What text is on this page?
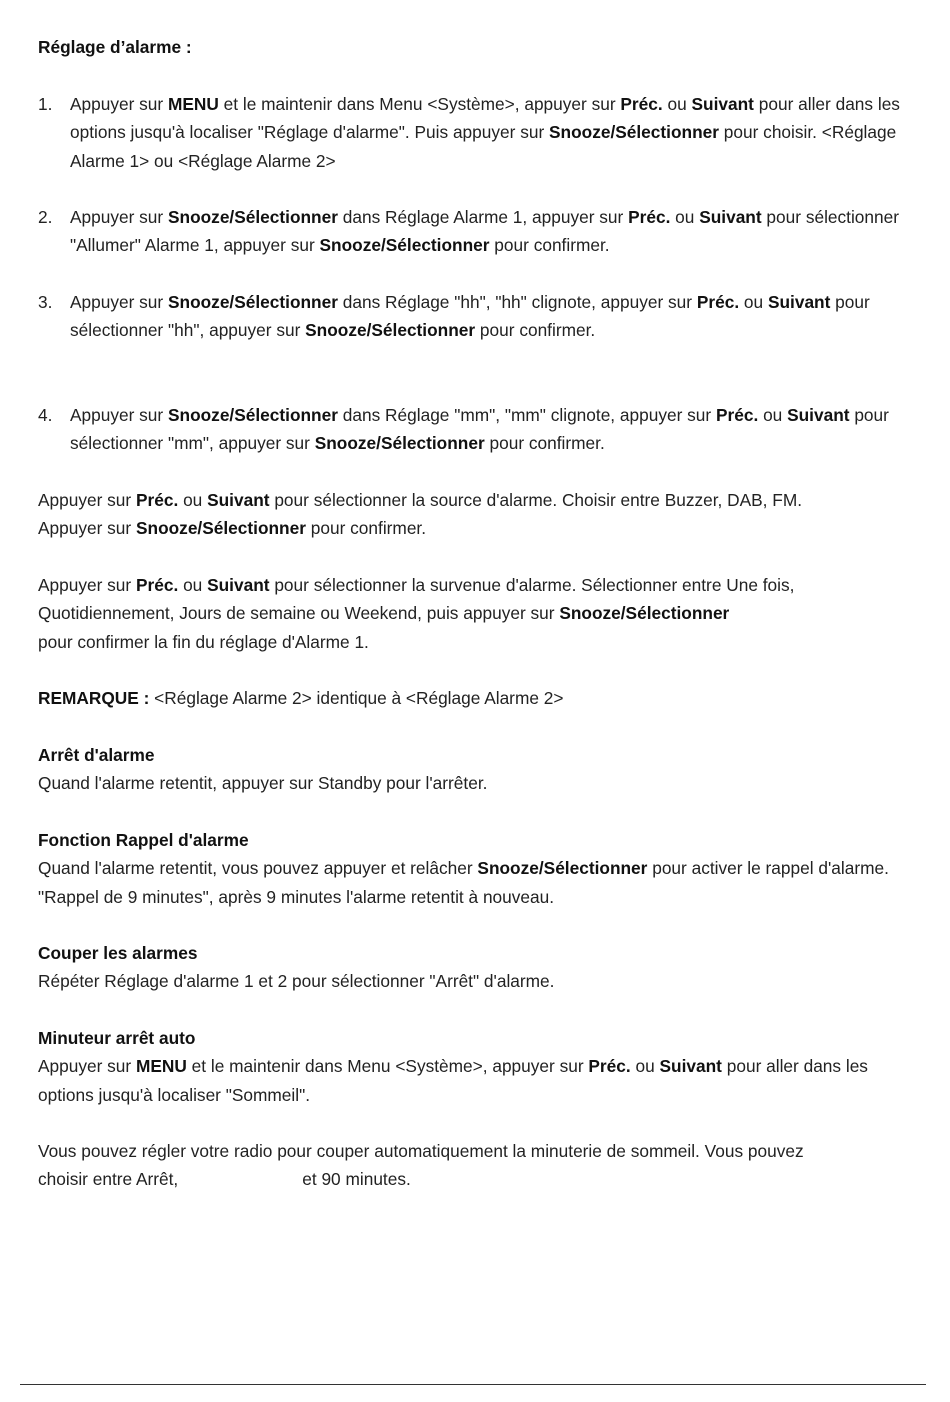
Réglage d’alarme :

1.	Appuyer sur MENU et le maintenir dans Menu <Système>, appuyer sur Préc. ou Suivant pour aller dans les options jusqu'à localiser "Réglage d'alarme". Puis appuyer sur Snooze/Sélectionner pour choisir. <Réglage Alarme 1> ou <Réglage Alarme 2>
2.	Appuyer sur Snooze/Sélectionner dans Réglage Alarme 1, appuyer sur Préc. ou Suivant pour sélectionner "Allumer" Alarme 1, appuyer sur Snooze/Sélectionner pour confirmer.
3.	Appuyer sur Snooze/Sélectionner dans Réglage "hh", "hh" clignote, appuyer sur Préc. ou Suivant pour sélectionner "hh", appuyer sur Snooze/Sélectionner pour confirmer.
4.	Appuyer sur Snooze/Sélectionner dans Réglage "mm", "mm" clignote, appuyer sur Préc. ou Suivant pour sélectionner "mm", appuyer sur Snooze/Sélectionner pour confirmer.
Appuyer sur Préc. ou Suivant pour sélectionner la source d'alarme. Choisir entre Buzzer, DAB, FM.
Appuyer sur Snooze/Sélectionner pour confirmer.
Appuyer sur Préc. ou Suivant pour sélectionner la survenue d'alarme. Sélectionner entre Une fois, Quotidiennement, Jours de semaine ou Weekend, puis appuyer sur Snooze/Sélectionner
pour confirmer la fin du réglage d'Alarme 1.
REMARQUE : <Réglage Alarme 2> identique à <Réglage Alarme 2>
Arrêt d'alarme
Quand l'alarme retentit, appuyer sur Standby pour l'arrêter.
Fonction Rappel d'alarme
Quand l'alarme retentit, vous pouvez appuyer et relâcher Snooze/Sélectionner pour activer le rappel d'alarme. "Rappel de 9 minutes", après 9 minutes l'alarme retentit à nouveau.
Couper les alarmes
Répéter Réglage d'alarme 1 et 2 pour sélectionner "Arrêt" d'alarme.
Minuteur arrêt auto
Appuyer sur MENU et le maintenir dans Menu <Système>, appuyer sur Préc. ou Suivant pour aller dans les options jusqu'à localiser "Sommeil".
Vous pouvez régler votre radio pour couper automatiquement la minuterie de sommeil. Vous pouvez
choisir entre Arrêt,	et 90 minutes.
